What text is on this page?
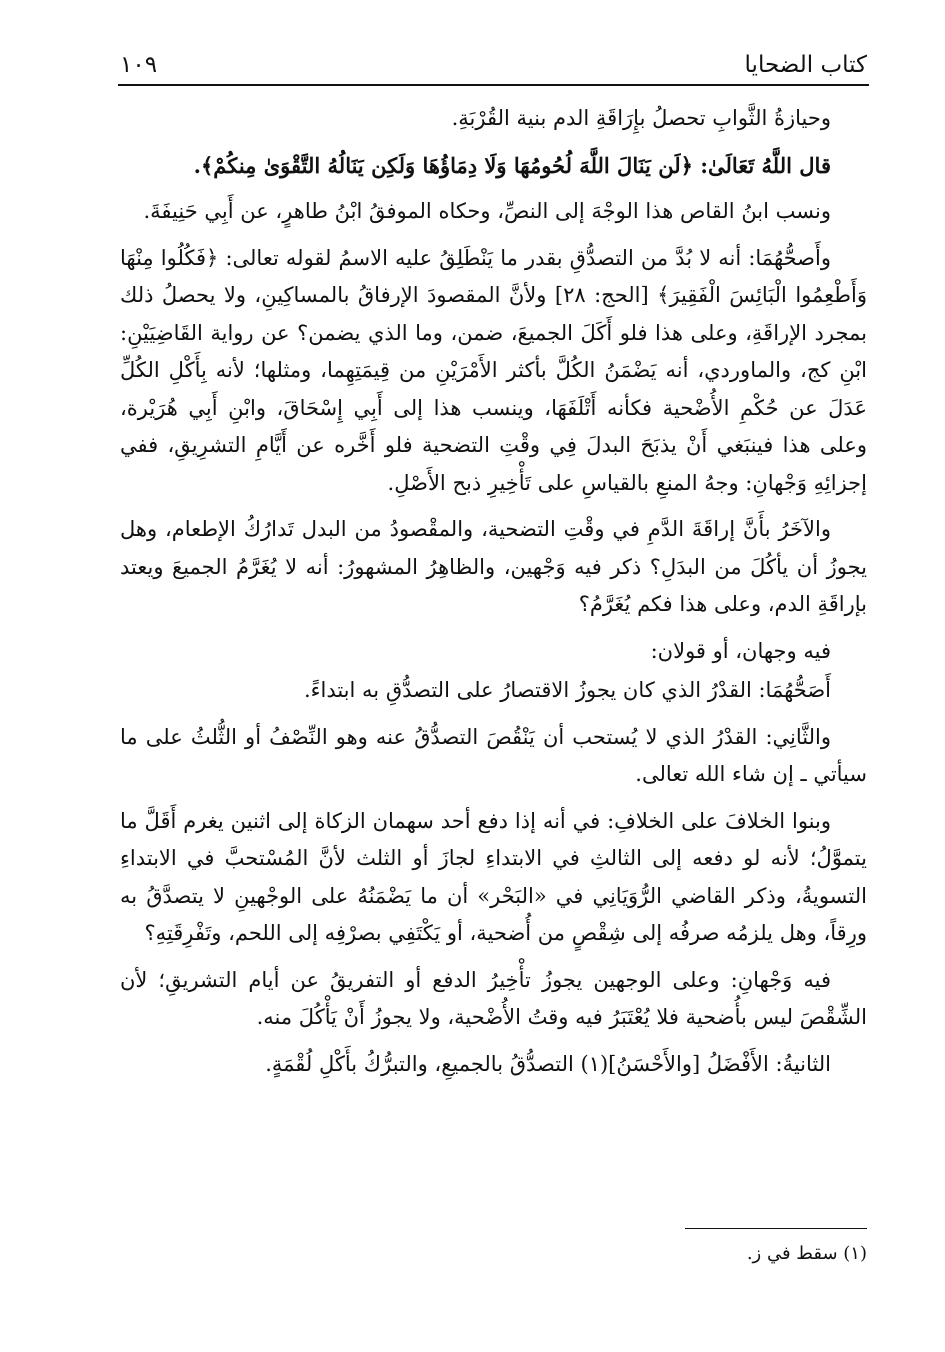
كتاب الضحايا
١٠٩

وحيازةُ الثَّوابِ تحصلُ بإِرَاقَةِ الدم بنية القُرْبَةِ.

قال اللَّهُ تَعَالَىٰ: ﴿لَن يَنَالَ اللَّهَ لُحُومُهَا وَلَا دِمَاؤُهَا وَلَكِن يَنَالُهُ التَّقْوَىٰ مِنكُمْ﴾.

ونسب ابنُ القاص هذا الوجْهَ إلى النصِّ، وحكاه الموفقُ ابْنُ طاهرٍ، عن أَبِي حَنِيفَةَ.

وأَصحُّهُمَا: أنه لا بُدَّ من التصدُّقِ بقدر ما يَنْطَلِقُ عليه الاسمُ لقوله تعالى: ﴿فَكُلُوا مِنْهَا وَأَطْعِمُوا الْبَائِسَ الْفَقِيرَ﴾ [الحج: ٢٨] ولأنَّ المقصودَ الإرفاقُ بالمساكِينِ، ولا يحصلُ ذلك بمجرد الإراقَةِ، وعلى هذا فلو أَكَلَ الجميعَ، ضمن، وما الذي يضمن؟ عن رواية القَاضِيَيْنِ: ابْنِ كج، والماوردي، أنه يَضْمَنُ الكُلَّ بأكثر الأَمْرَيْنِ من قِيمَتِهِما، ومثلها؛ لأنه بِأَكْلِ الكُلِّ عَدَلَ عن حُكْمِ الأُضْحية فكأنه أَتْلَفَهَا، وينسب هذا إلى أَبِي إِسْحَاقَ، وابْنِ أَبِي هُرَيْرة، وعلى هذا فينبَغي أَنْ يذبَحَ البدلَ فِي وقْتِ التضحية فلو أَخَّره عن أَيَّامِ التشرِيقِ، ففي إجزائِهِ وَجْهانِ: وجهُ المنعِ بالقياسِ على تَأْخِيرِ ذبح الأَصْلِ.

والآخَرُ بأَنَّ إراقَةَ الدَّمِ في وقْتِ التضحية، والمقْصودُ من البدل تَدارُكُ الإطعام، وهل يجوزُ أن يأكُلَ من البدَلِ؟ ذكر فيه وَجْهين، والظاهِرُ المشهورُ: أنه لا يُغَرَّمُ الجميعَ ويعتد بإراقَةِ الدم، وعلى هذا فكم يُغَرَّمُ؟

فيه وجهان، أو قولان:

أَصَحُّهُمَا: القدْرُ الذي كان يجوزُ الاقتصارُ على التصدُّقِ به ابتداءً.

والثَّانِي: القدْرُ الذي لا يُستحب أن يَنْقُصَ التصدُّقُ عنه وهو النِّصْفُ أو الثُّلثُ على ما سيأتي ـ إن شاء الله تعالى.

وبنوا الخلافَ على الخلافِ: في أنه إذا دفع أحد سهمان الزكاة إلى اثنين يغرم أَقَلَّ ما يتموَّلُ؛ لأنه لو دفعه إلى الثالثِ في الابتداءِ لجازَ أو الثلث لأنَّ المُسْتحبَّ في الابتداءِ التسويةُ، وذكر القاضي الرُّوَيَانِي في «البَحْر» أن ما يَضْمَنُهُ على الوجْهينِ لا يتصدَّقُ به ورِقاً، وهل يلزمُه صرفُه إلى شِقْصٍ من أُضحية، أو يَكْتَفِي بصرْفِه إلى اللحم، وتَفْرِقَتِهِ؟

فيه وَجْهانِ: وعلى الوجهين يجوزُ تأْخِيرُ الدفع أو التفريقُ عن أيام التشريقِ؛ لأن الشِّقْصَ ليس بأُضحية فلا يُعْتَبَرُ فيه وقتُ الأُضْحية، ولا يجوزُ أَنْ يَأْكُلَ منه.

الثانيةُ: الأَفْضَلُ [والأَحْسَنُ](١) التصدُّقُ بالجميعِ، والتبرُّكُ بأَكْلِ لُقْمَةٍ.

(١) سقط في ز.
